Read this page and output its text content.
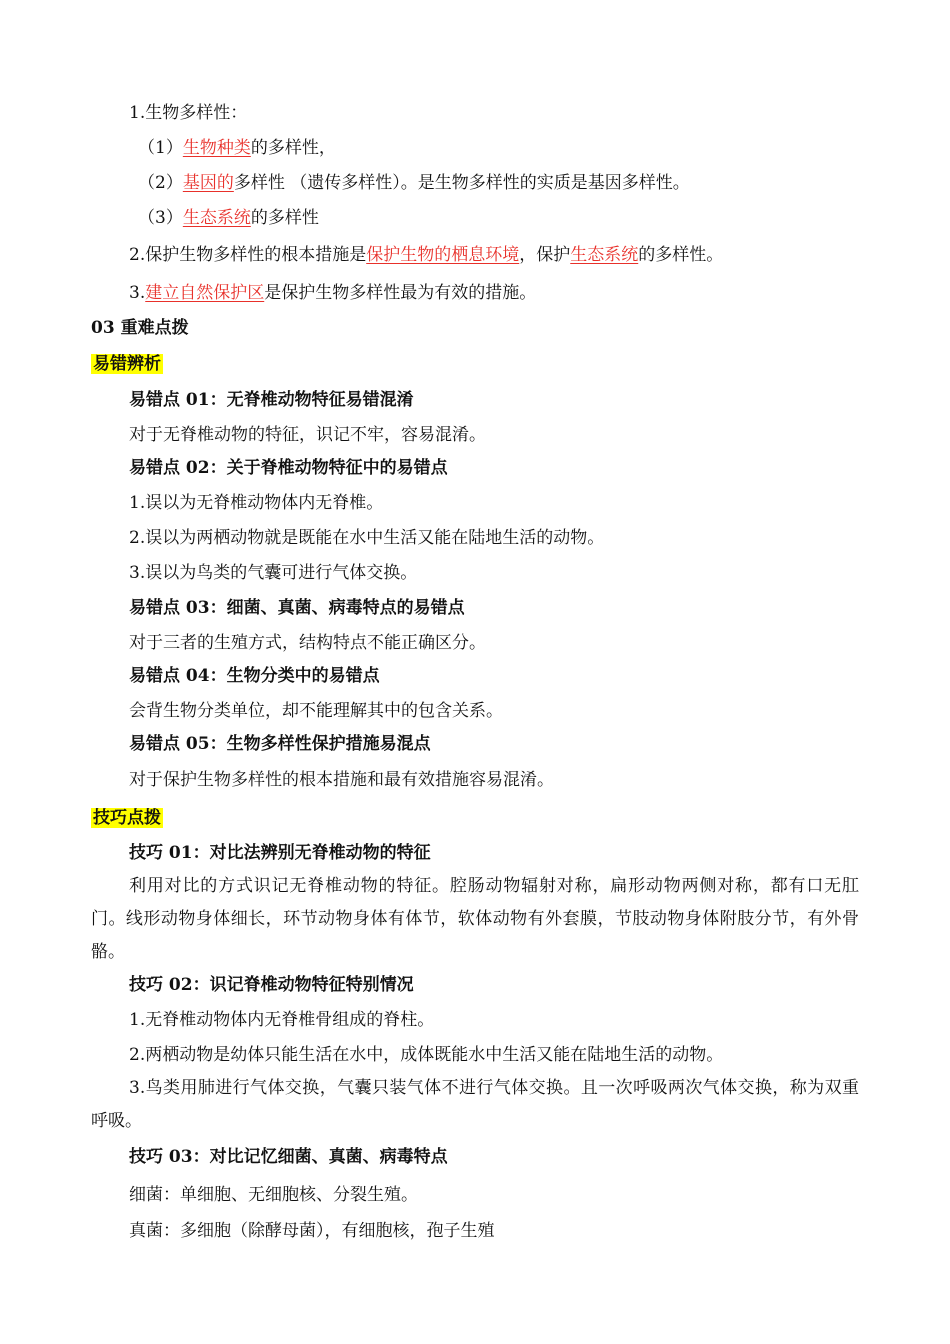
1.生物多样性：
（1）生物种类的多样性，
（2）基因的多样性 （遗传多样性）。是生物多样性的实质是基因多样性。
（3）生态系统的多样性
2.保护生物多样性的根本措施是保护生物的栖息环境，保护生态系统的多样性。
3.建立自然保护区是保护生物多样性最为有效的措施。
03 重难点拨
易错辨析
易错点 01：无脊椎动物特征易错混淆
对于无脊椎动物的特征，识记不牢，容易混淆。
易错点 02：关于脊椎动物特征中的易错点
1.误以为无脊椎动物体内无脊椎。
2.误以为两栖动物就是既能在水中生活又能在陆地生活的动物。
3.误以为鸟类的气囊可进行气体交换。
易错点 03：细菌、真菌、病毒特点的易错点
对于三者的生殖方式，结构特点不能正确区分。
易错点 04：生物分类中的易错点
会背生物分类单位，却不能理解其中的包含关系。
易错点 05：生物多样性保护措施易混点
对于保护生物多样性的根本措施和最有效措施容易混淆。
技巧点拨
技巧 01：对比法辨别无脊椎动物的特征
利用对比的方式识记无脊椎动物的特征。腔肠动物辐射对称，扁形动物两侧对称，都有口无肛门。线形动物身体细长，环节动物身体有体节，软体动物有外套膜，节肢动物身体附肢分节，有外骨骼。
技巧 02：识记脊椎动物特征特别情况
1.无脊椎动物体内无脊椎骨组成的脊柱。
2.两栖动物是幼体只能生活在水中，成体既能水中生活又能在陆地生活的动物。
3.鸟类用肺进行气体交换，气囊只装气体不进行气体交换。且一次呼吸两次气体交换，称为双重呼吸。
技巧 03：对比记忆细菌、真菌、病毒特点
细菌：单细胞、无细胞核、分裂生殖。
真菌：多细胞（除酵母菌），有细胞核，孢子生殖
